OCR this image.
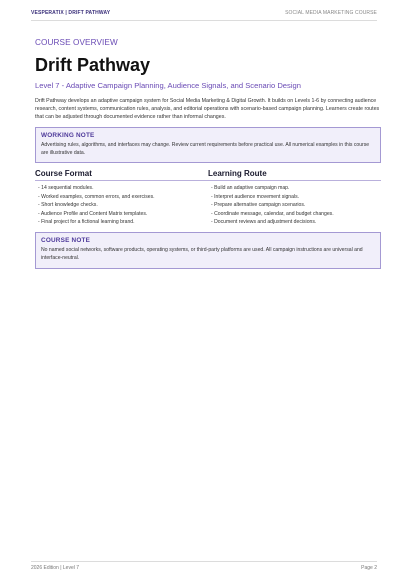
VESPERATIX | DRIFT PATHWAY	SOCIAL MEDIA MARKETING COURSE
COURSE OVERVIEW
Drift Pathway
Level 7 - Adaptive Campaign Planning, Audience Signals, and Scenario Design

Drift Pathway develops an adaptive campaign system for Social Media Marketing & Digital Growth. It builds on Levels 1-6 by connecting audience research, content systems, communication rules, analysis, and editorial operations with scenario-based campaign planning. Learners create routes that can be adjusted through documented evidence rather than informal changes.

WORKING NOTE
Advertising rules, algorithms, and interfaces may change. Review current requirements before practical use. All numerical examples in this course are illustrative data.
Course Format
- 14 sequential modules.
- Worked examples, common errors, and exercises.
- Short knowledge checks.
- Audience Profile and Content Matrix templates.
- Final project for a fictional learning brand.
Learning Route
- Build an adaptive campaign map.
- Interpret audience movement signals.
- Prepare alternative campaign scenarios.
- Coordinate message, calendar, and budget changes.
- Document reviews and adjustment decisions.
COURSE NOTE
No named social networks, software products, operating systems, or third-party platforms are used. All campaign instructions are universal and interface-neutral.
2026 Edition | Level 7	Page 2
